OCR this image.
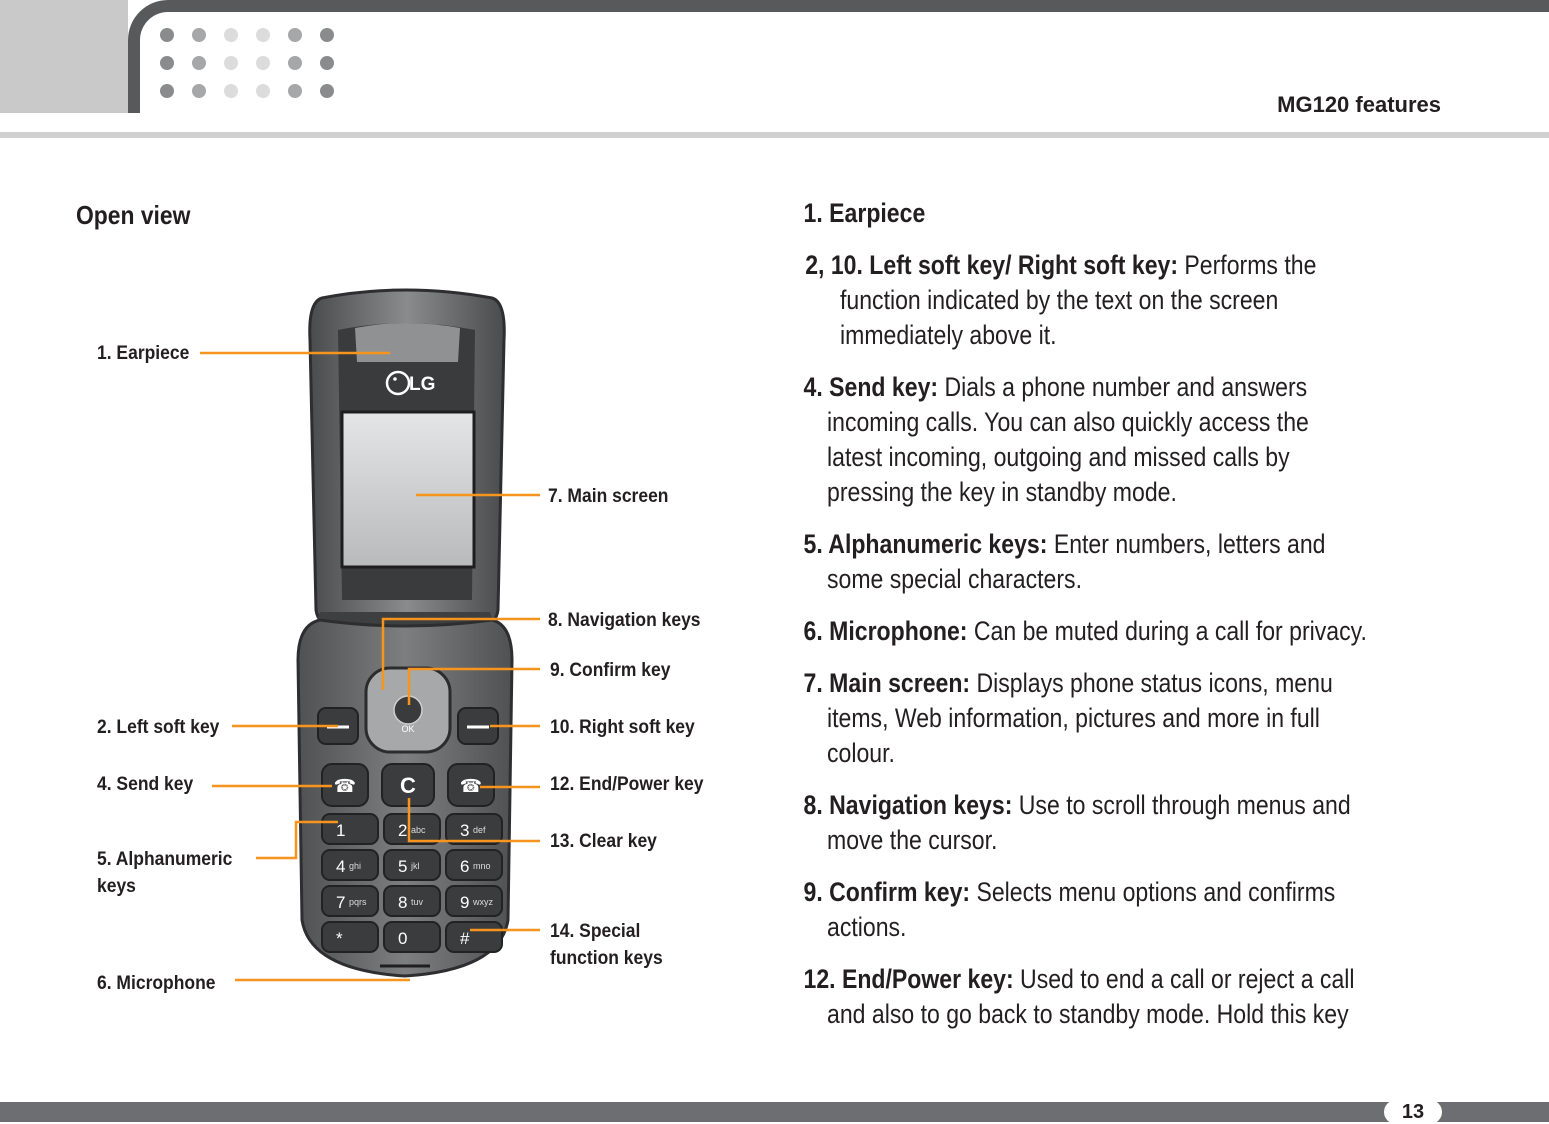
MG120 features
Open view
LG
OK
☎ C ☎
1	2 abc 3 def
4 ghi 5 jkl 6 mno
7 pqrs 8 tuv 9 wxyz
*	0	#
1. Earpiece
7. Main screen
8. Navigation keys
9. Confirm key
2. Left soft key	10. Right soft key
4. Send key	12. End/Power key
5. Alphanumeric
keys
13. Clear key
14. Special
function keys
6. Microphone
1. Earpiece
2, 10. Left soft key/ Right soft key: Performs the
function indicated by the text on the screen
immediately above it.
4. Send key: Dials a phone number and answers
incoming calls. You can also quickly access the
latest incoming, outgoing and missed calls by
pressing the key in standby mode.
5. Alphanumeric keys: Enter numbers, letters and
some special characters.
6. Microphone: Can be muted during a call for privacy.
7. Main screen: Displays phone status icons, menu
items, Web information, pictures and more in full
colour.
8. Navigation keys: Use to scroll through menus and
move the cursor.
9. Confirm key: Selects menu options and confirms
actions.
12. End/Power key: Used to end a call or reject a call
and also to go back to standby mode. Hold this key
13
